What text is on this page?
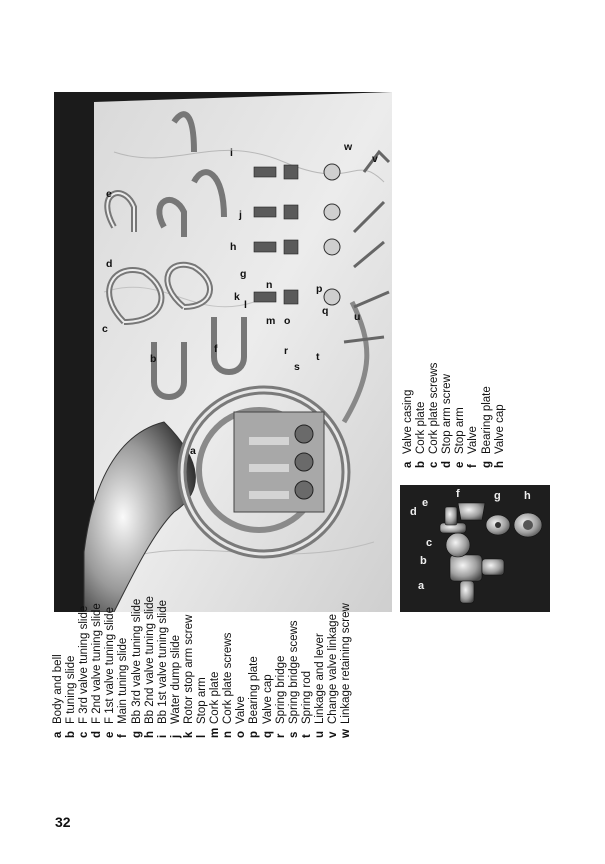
a
b
c
d
e
f
g
h
i
j
k
l
m
n
o
p
q
r
s
t
u
v
w
a
b
c
d
e
f	g h
aBody and bell
bF tuning slide
cF 3rd valve tuning slide
dF 2nd valve tuning slide
eF 1st valve tuning slide
fMain tuning slide
gBb 3rd valve tuning slide
hBb 2nd valve tuning slide
iBb 1st valve tuning slide
jWater dump slide
kRotor stop arm screw
lStop arm
mCork plate
nCork plate screws
oValve
pBearing plate
qValve cap
rSpring bridge
sSpring bridge scews
tSpring rod
uLinkage and lever
vChange valve linkage
wLinkage retaining screw
aValve casing
bCork plate
cCork plate screws
dStop arm screw
eStop arm
fValve
gBearing plate
hValve cap
32
